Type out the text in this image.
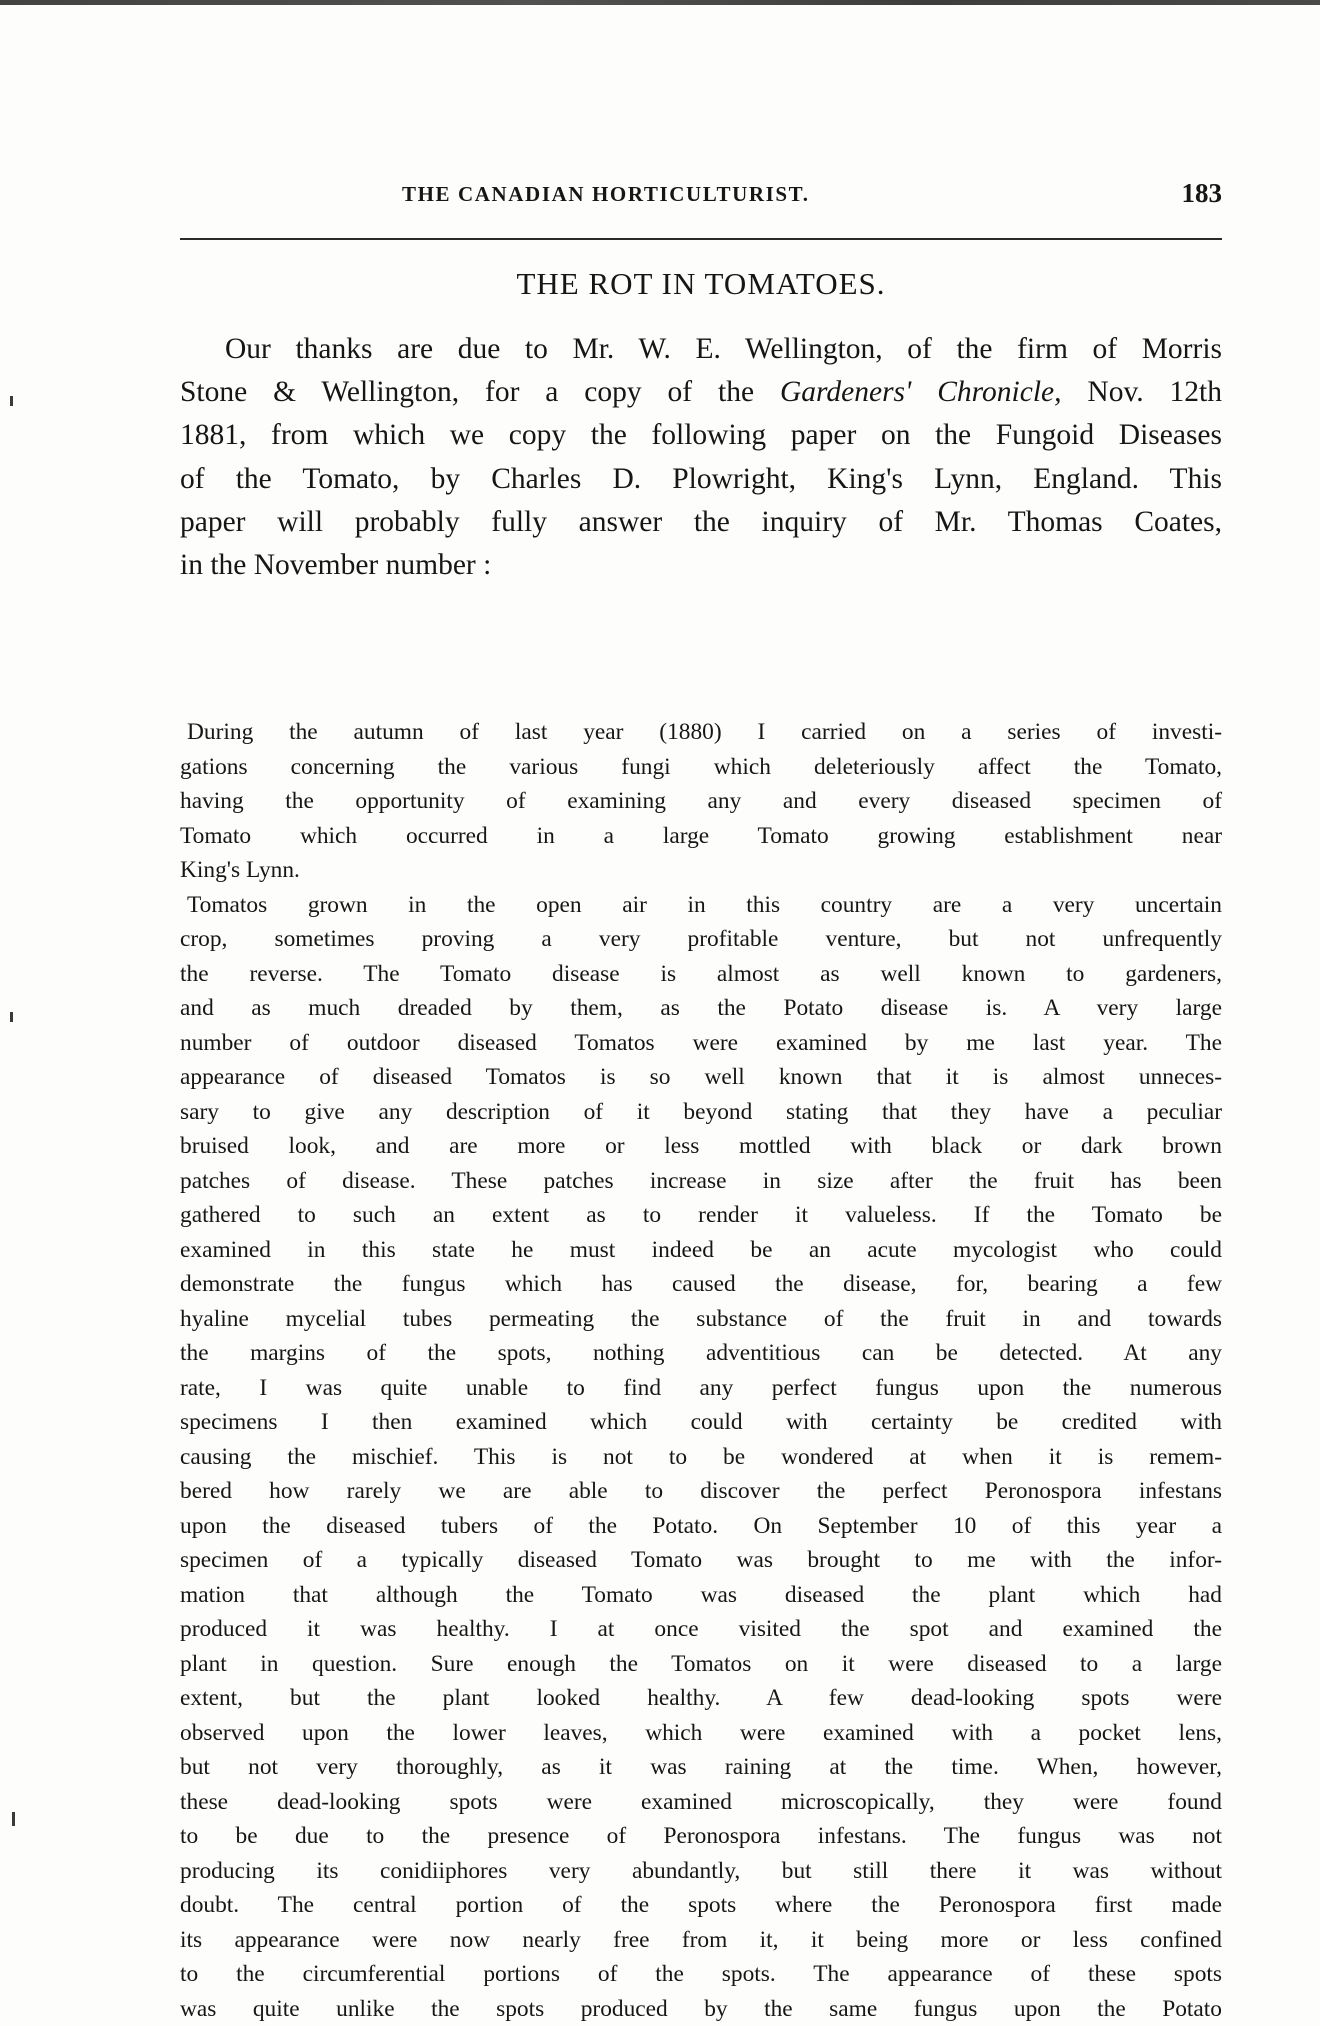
THE CANADIAN HORTICULTURIST.	183
THE ROT IN TOMATOES.
Our thanks are due to Mr. W. E. Wellington, of the firm of Morris
Stone & Wellington, for a copy of the Gardeners' Chronicle, Nov. 12th
1881, from which we copy the following paper on the Fungoid Diseases
of the Tomato, by Charles D. Plowright, King's Lynn, England. This
paper will probably fully answer the inquiry of Mr. Thomas Coates,
in the November number :
During the autumn of last year (1880) I carried on a series of investi-
gations concerning the various fungi which deleteriously affect the Tomato,
having the opportunity of examining any and every diseased specimen of
Tomato which occurred in a large Tomato growing establishment near
King's Lynn.
Tomatos grown in the open air in this country are a very uncertain
crop, sometimes proving a very profitable venture, but not unfrequently
the reverse. The Tomato disease is almost as well known to gardeners,
and as much dreaded by them, as the Potato disease is. A very large
number of outdoor diseased Tomatos were examined by me last year. The
appearance of diseased Tomatos is so well known that it is almost unneces-
sary to give any description of it beyond stating that they have a peculiar
bruised look, and are more or less mottled with black or dark brown
patches of disease. These patches increase in size after the fruit has been
gathered to such an extent as to render it valueless. If the Tomato be
examined in this state he must indeed be an acute mycologist who could
demonstrate the fungus which has caused the disease, for, bearing a few
hyaline mycelial tubes permeating the substance of the fruit in and towards
the margins of the spots, nothing adventitious can be detected. At any
rate, I was quite unable to find any perfect fungus upon the numerous
specimens I then examined which could with certainty be credited with
causing the mischief. This is not to be wondered at when it is remem-
bered how rarely we are able to discover the perfect Peronospora infestans
upon the diseased tubers of the Potato. On September 10 of this year a
specimen of a typically diseased Tomato was brought to me with the infor-
mation that although the Tomato was diseased the plant which had
produced it was healthy. I at once visited the spot and examined the
plant in question. Sure enough the Tomatos on it were diseased to a large
extent, but the plant looked healthy. A few dead-looking spots were
observed upon the lower leaves, which were examined with a pocket lens,
but not very thoroughly, as it was raining at the time. When, however,
these dead-looking spots were examined microscopically, they were found
to be due to the presence of Peronospora infestans. The fungus was not
producing its conidiiphores very abundantly, but still there it was without
doubt. The central portion of the spots where the Peronospora first made
its appearance were now nearly free from it, it being more or less confined
to the circumferential portions of the spots. The appearance of these spots
was quite unlike the spots produced by the same fungus upon the Potato
